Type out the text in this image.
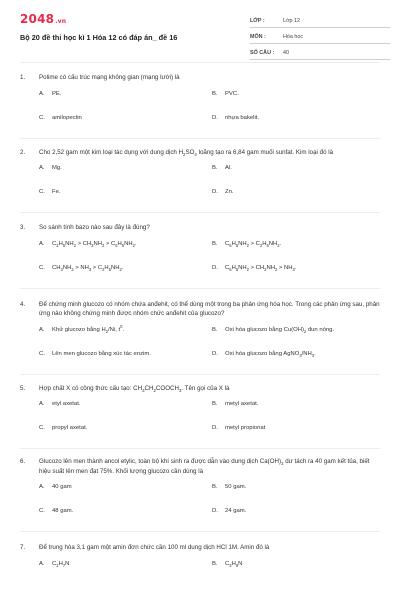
2048.vn
Bộ 20 đề thi học kì 1 Hóa 12 có đáp án_ đề 16
LỚP :	Lớp 12
MÔN :	Hóa học
SỐ CÂU :	40
1.	Polime có cấu trúc mạng không gian (mạng lưới) là
A.	PE.	B.	PVC.
C.	amilopectin	D.	nhựa bakelit.
2.	Cho 2,52 gam một kim loại tác dụng với dung dịch $H_2SO_4$ loãng tạo ra 6,84 gam muối sunfat. Kim loại đó là
A.	Mg.	B.	Al.
C.	Fe.	D.	Zn.
3.	So sánh tính bazo nào sau đây là đúng?
A.	$C_2H_5NH_2 > CH_3NH_2 > C_6H_5NH_2$.	B.	$C_6H_5NH_2 > C_2H_5NH_2$.
C.	$CH_3NH_2 > NH_3 > C_2H_5NH_2$.	D.	$C_6H_5NH_2 > CH_3NH_2 > NH_3$.
4.	Để chứng minh glucozo có nhóm chứa anđehit, có thể dùng một trong ba phản ứng hóa học. Trong các phản ứng sau, phản ứng nào không chứng minh được nhóm chức anđehit của glucozo?
A.	Khử glucozo bằng $H_2/Ni$, $t^0$.	B.	Oxi hóa glucozo bằng $Cu(OH)_2$ đun nóng.
C.	Lên men glucozo bằng xúc tác enzim.	D.	Oxi hóa glucozo bằng $AgNO_3/NH_3$.
5.	Hợp chất X có công thức cấu tạo: $CH_3CH_2COOCH_3$. Tên gọi của X là
A.	etyl axetat.	B.	metyl axetat.
C.	propyl axetat.	D.	metyl propionat
6.	Glucozo lên men thành ancol etylic, toàn bộ khí sinh ra được dẫn vào dung dịch $Ca(OH)_2$ dư tách ra 40 gam kết tủa, biết hiệu suất lên men đạt 75%. Khối lượng glucozo cần dùng là
A.	40 gam	B.	50 gam.
C.	48 gam.	D.	24 gam.
7.	Để trung hòa 3,1 gam một amin đơn chức cần 100 ml dung dịch HCl 1M. Amin đó là
A.	$C_2H_7N$	B.	$C_3H_9N$
